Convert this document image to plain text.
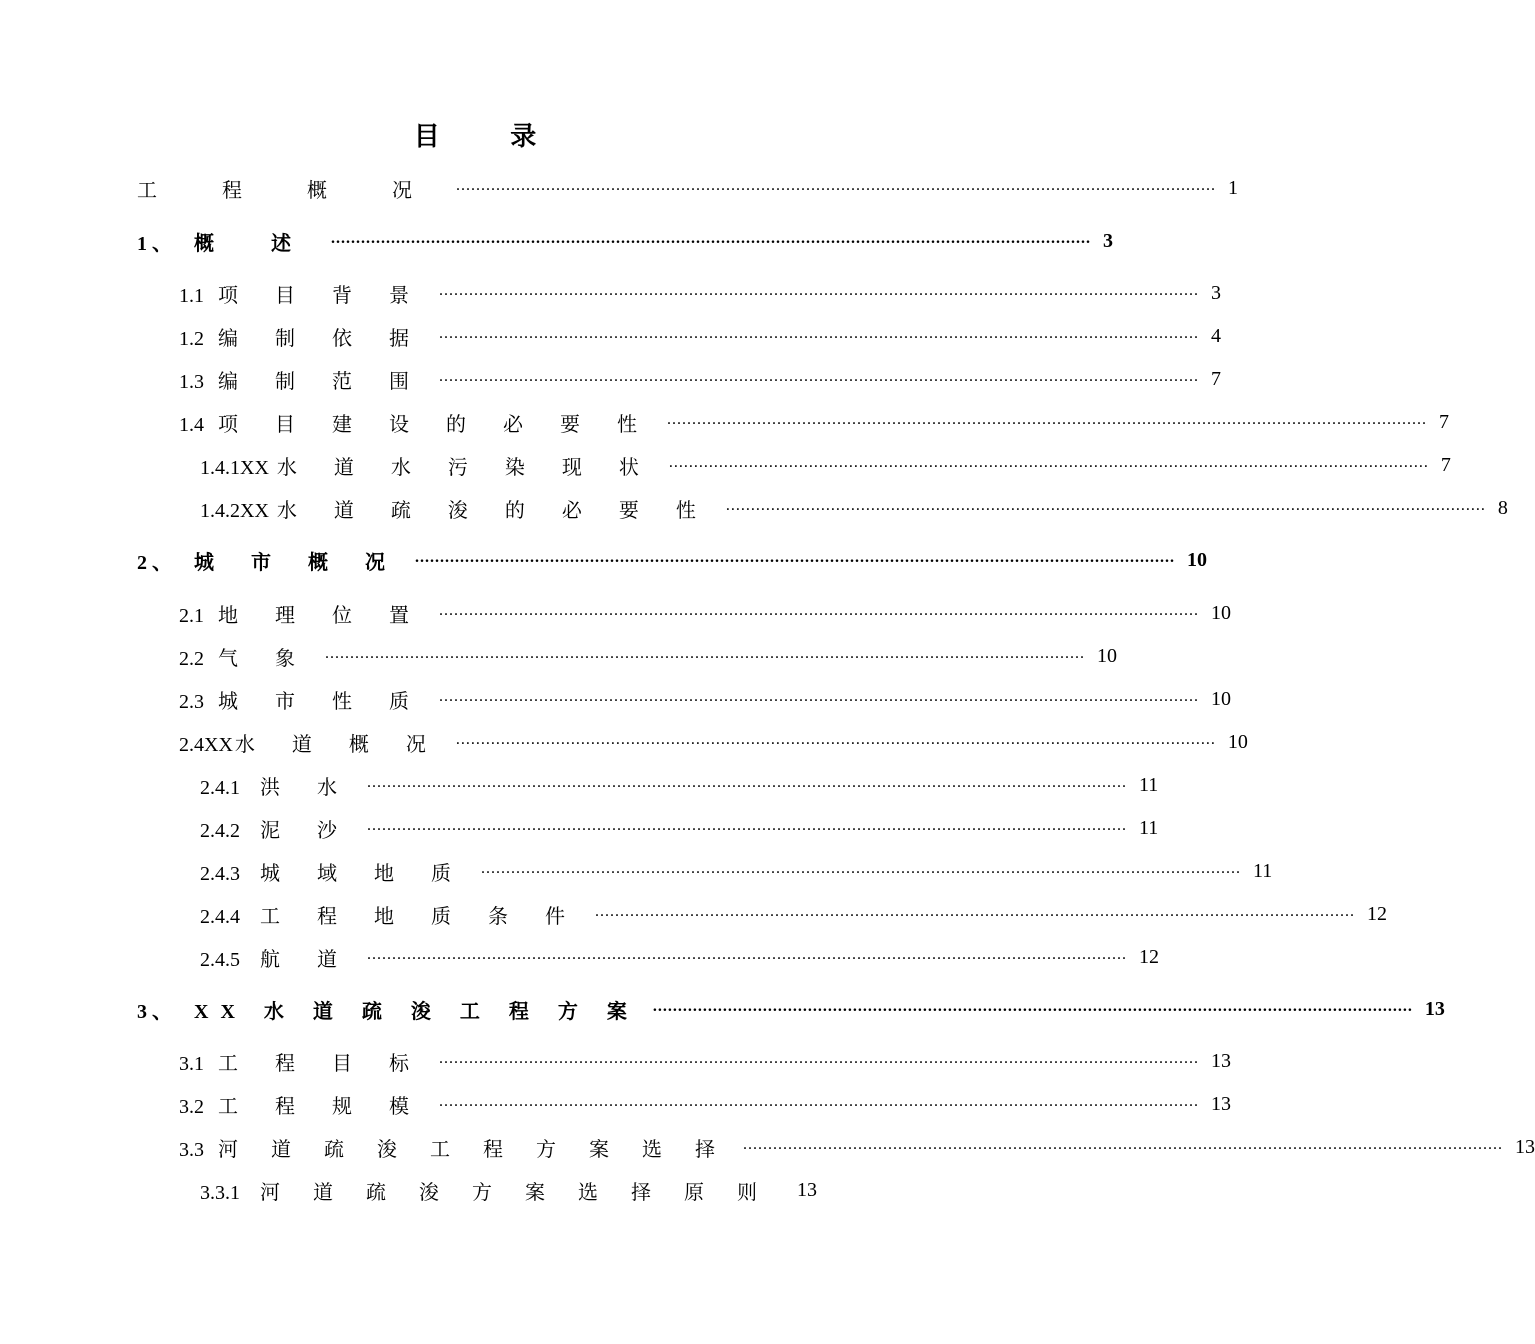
目 录
工 程 概 况 ........................................................................................................................................................ 1
1 、 概 述 ........................................................................................................................................................ 3
1.1 项 目 背 景 ........................................................................................................................................................ 3
1.2 编 制 依 据 ........................................................................................................................................................ 4
1.3 编 制 范 围 ........................................................................................................................................................ 7
1.4 项 目 建 设 的 必 要 性 ........................................................................................................................................................ 7
1.4.1XX 水 道 水 污 染 现 状 ........................................................................................................................................................ 7
1.4.2XX 水 道 疏 浚 的 必 要 性 ........................................................................................................................................................ 8
2 、 城 市 概 况 ........................................................................................................................................................ 10
2.1 地 理 位 置 ........................................................................................................................................................ 10
2.2 气 象 ........................................................................................................................................................ 10
2.3 城 市 性 质 ........................................................................................................................................................ 10
2.4XX 水 道 概 况 ........................................................................................................................................................ 10
2.4.1 洪 水 ........................................................................................................................................................ 11
2.4.2 泥 沙 ........................................................................................................................................................ 11
2.4.3 城 域 地 质 ........................................................................................................................................................ 11
2.4.4 工 程 地 质 条 件 ........................................................................................................................................................ 12
2.4.5 航 道 ........................................................................................................................................................ 12
3 、 XX 水 道 疏 浚 工 程 方 案 ........................................................................................................................................................ 13
3.1 工 程 目 标 ........................................................................................................................................................ 13
3.2 工 程 规 模 ........................................................................................................................................................ 13
3.3 河 道 疏 浚 工 程 方 案 选 择 ........................................................................................................................................................ 13
3.3.1 河 道 疏 浚 方 案 选 择 原 则 13
